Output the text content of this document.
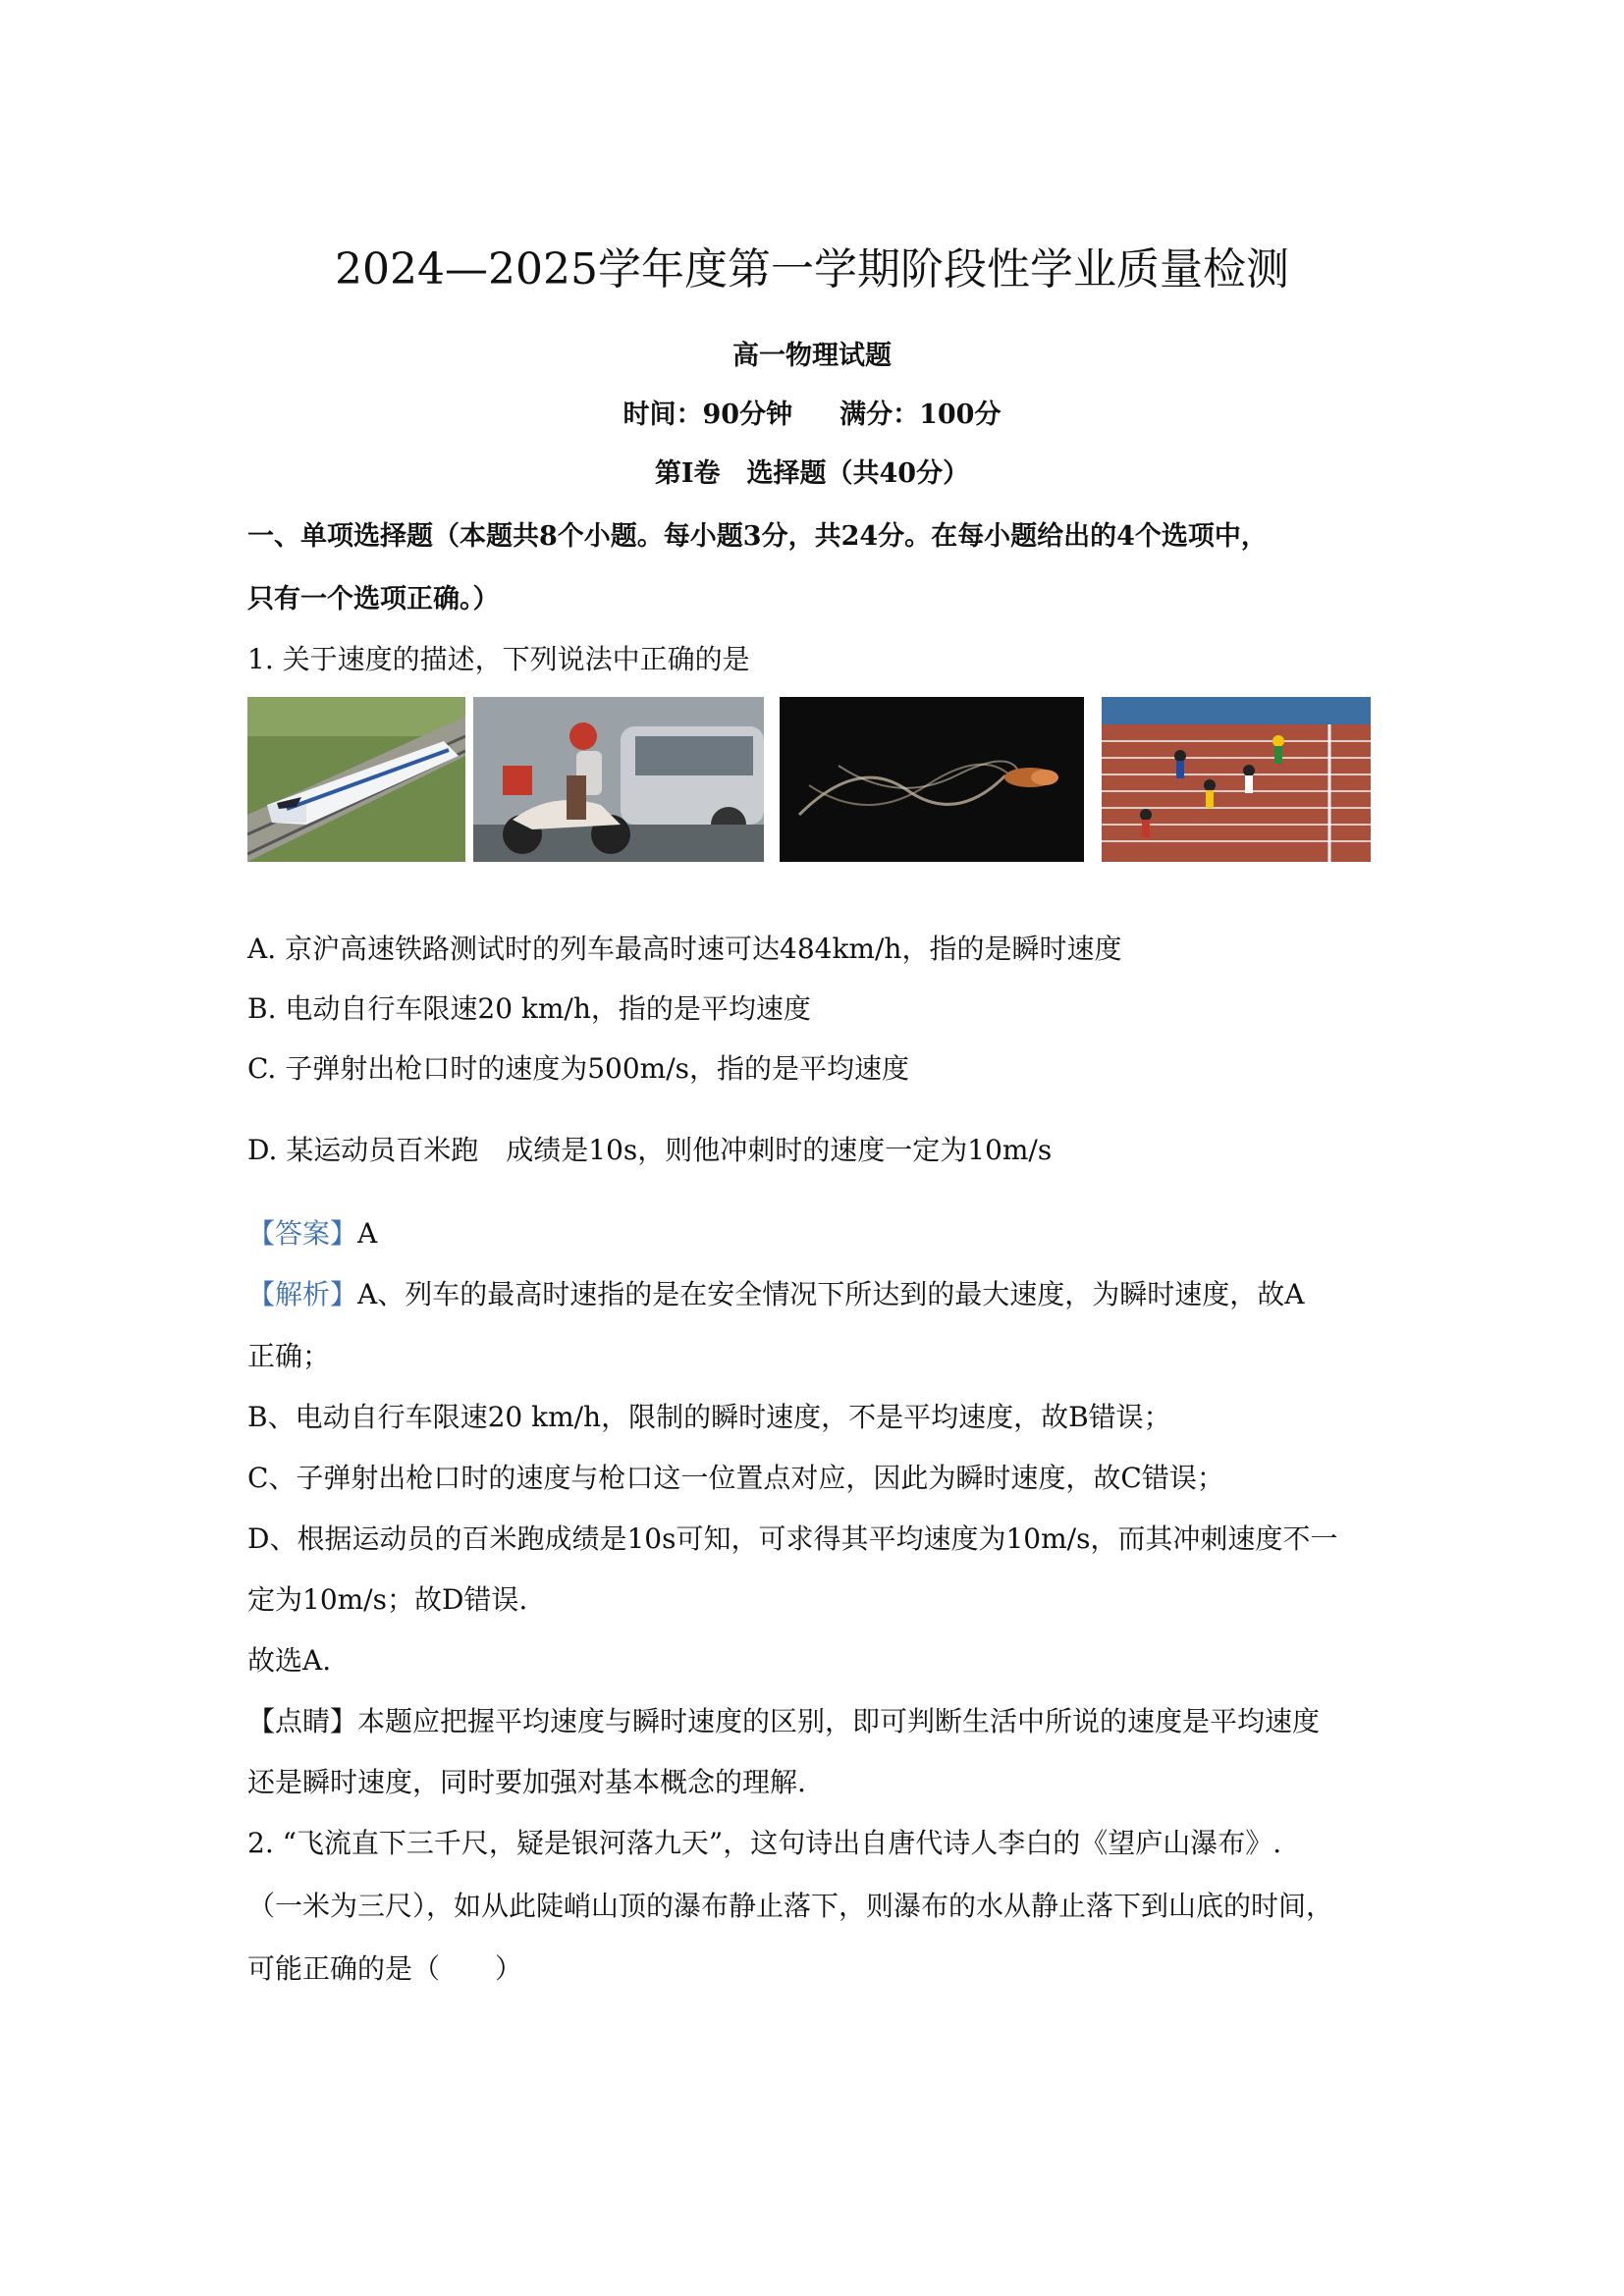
2024—2025学年度第一学期阶段性学业质量检测
高一物理试题
时间：90分钟 满分：100分
第Ⅰ卷　选择题（共40分）
一、单项选择题（本题共8个小题。每小题3分，共24分。在每小题给出的4个选项中，
只有一个选项正确。）
1. 关于速度的描述，下列说法中正确的是
A. 京沪高速铁路测试时的列车最高时速可达484km/h，指的是瞬时速度
B. 电动自行车限速20 km/h，指的是平均速度
C. 子弹射出枪口时的速度为500m/s，指的是平均速度
D. 某运动员百米跑　成绩是10s，则他冲刺时的速度一定为10m/s
【答案】A
【解析】A、列车的最高时速指的是在安全情况下所达到的最大速度，为瞬时速度，故A
正确；
B、电动自行车限速20 km/h，限制的瞬时速度，不是平均速度，故B错误；
C、子弹射出枪口时的速度与枪口这一位置点对应，因此为瞬时速度，故C错误；
D、根据运动员的百米跑成绩是10s可知，可求得其平均速度为10m/s，而其冲刺速度不一
定为10m/s；故D错误.
故选A.
【点睛】本题应把握平均速度与瞬时速度的区别，即可判断生活中所说的速度是平均速度
还是瞬时速度，同时要加强对基本概念的理解.
2. “飞流直下三千尺，疑是银河落九天”，这句诗出自唐代诗人李白的《望庐山瀑布》.
（一米为三尺），如从此陡峭山顶的瀑布静止落下，则瀑布的水从静止落下到山底的时间，
可能正确的是（　　）
